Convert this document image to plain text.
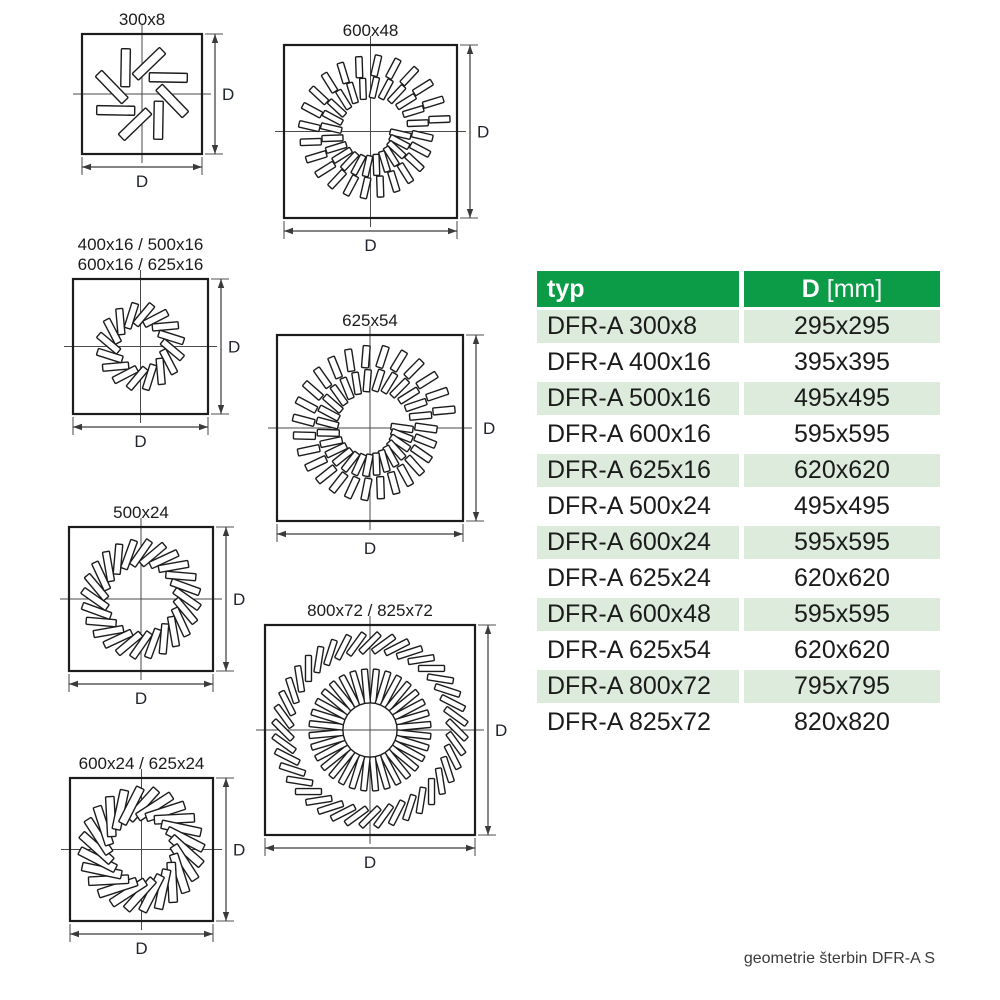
300x8
D
D
400x16 / 500x16
600x16 / 625x16
D
D
500x24
D
D
600x24 / 625x24
D
D
600x48
D
D
625x54
D
D
800x72 / 825x72
D
D
typ	D [mm]
DFR-A 300x8	295x295
DFR-A 400x16	395x395
DFR-A 500x16	495x495
DFR-A 600x16	595x595
DFR-A 625x16	620x620
DFR-A 500x24	495x495
DFR-A 600x24	595x595
DFR-A 625x24	620x620
DFR-A 600x48	595x595
DFR-A 625x54	620x620
DFR-A 800x72	795x795
DFR-A 825x72	820x820
geometrie šterbin DFR-A S
